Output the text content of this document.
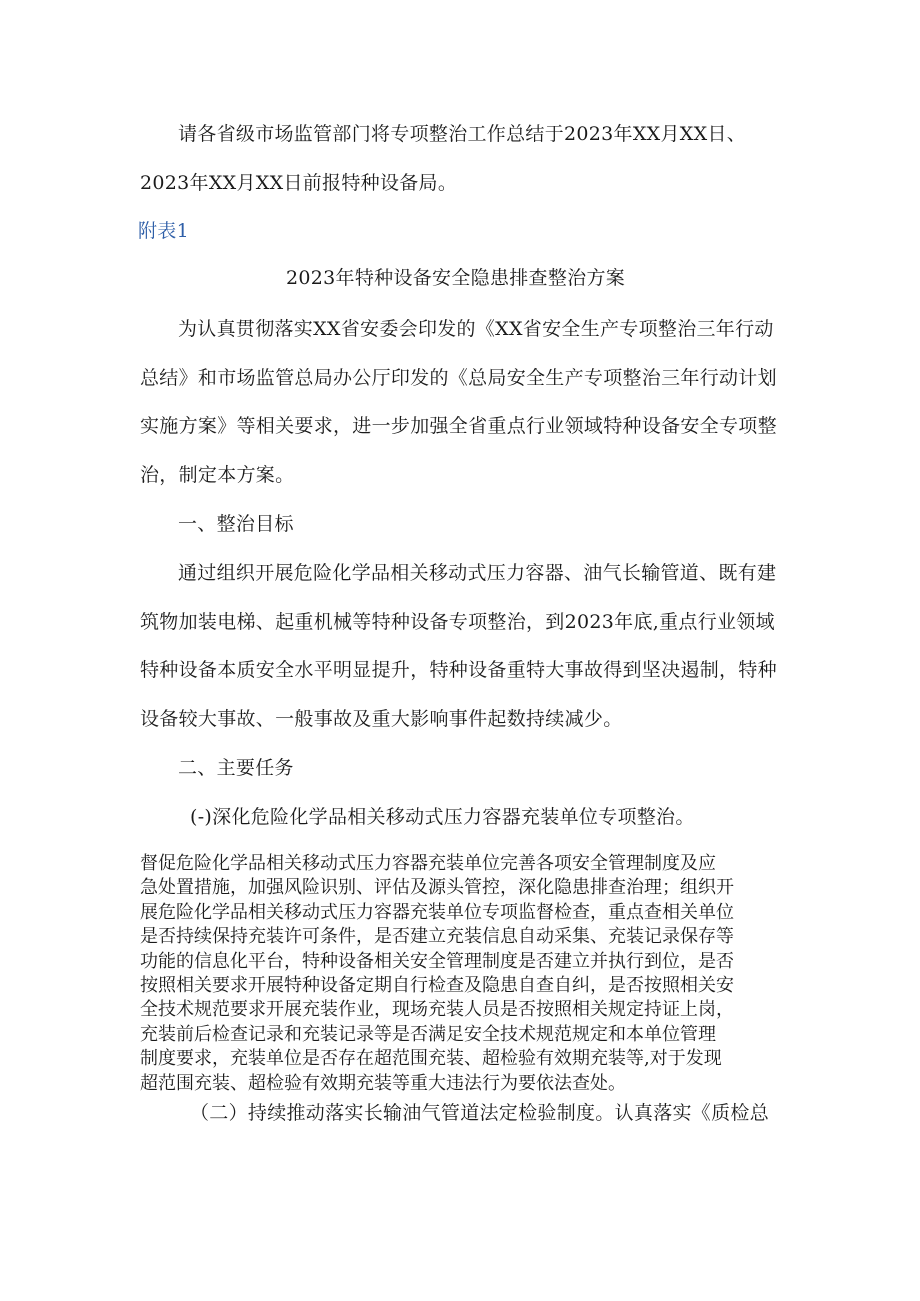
请各省级市场监管部门将专项整治工作总结于2023年XX月XX日、
2023年XX月XX日前报特种设备局。
附表1
2023年特种设备安全隐患排查整治方案
为认真贯彻落实XX省安委会印发的《XX省安全生产专项整治三年行动
总结》和市场监管总局办公厅印发的《总局安全生产专项整治三年行动计划
实施方案》等相关要求，进一步加强全省重点行业领域特种设备安全专项整
治，制定本方案。
一、整治目标
通过组织开展危险化学品相关移动式压力容器、油气长输管道、既有建
筑物加装电梯、起重机械等特种设备专项整治，到2023年底,重点行业领域
特种设备本质安全水平明显提升，特种设备重特大事故得到坚决遏制，特种
设备较大事故、一般事故及重大影响事件起数持续减少。
二、主要任务
(-)深化危险化学品相关移动式压力容器充装单位专项整治。
督促危险化学品相关移动式压力容器充装单位完善各项安全管理制度及应
急处置措施，加强风险识别、评估及源头管控，深化隐患排查治理；组织开
展危险化学品相关移动式压力容器充装单位专项监督检查，重点查相关单位
是否持续保持充装许可条件，是否建立充装信息自动采集、充装记录保存等
功能的信息化平台，特种设备相关安全管理制度是否建立并执行到位，是否
按照相关要求开展特种设备定期自行检查及隐患自查自纠，是否按照相关安
全技术规范要求开展充装作业，现场充装人员是否按照相关规定持证上岗，
充装前后检查记录和充装记录等是否满足安全技术规范规定和本单位管理
制度要求，充装单位是否存在超范围充装、超检验有效期充装等,对于发现
超范围充装、超检验有效期充装等重大违法行为要依法查处。
（二）持续推动落实长输油气管道法定检验制度。认真落实《质检总
